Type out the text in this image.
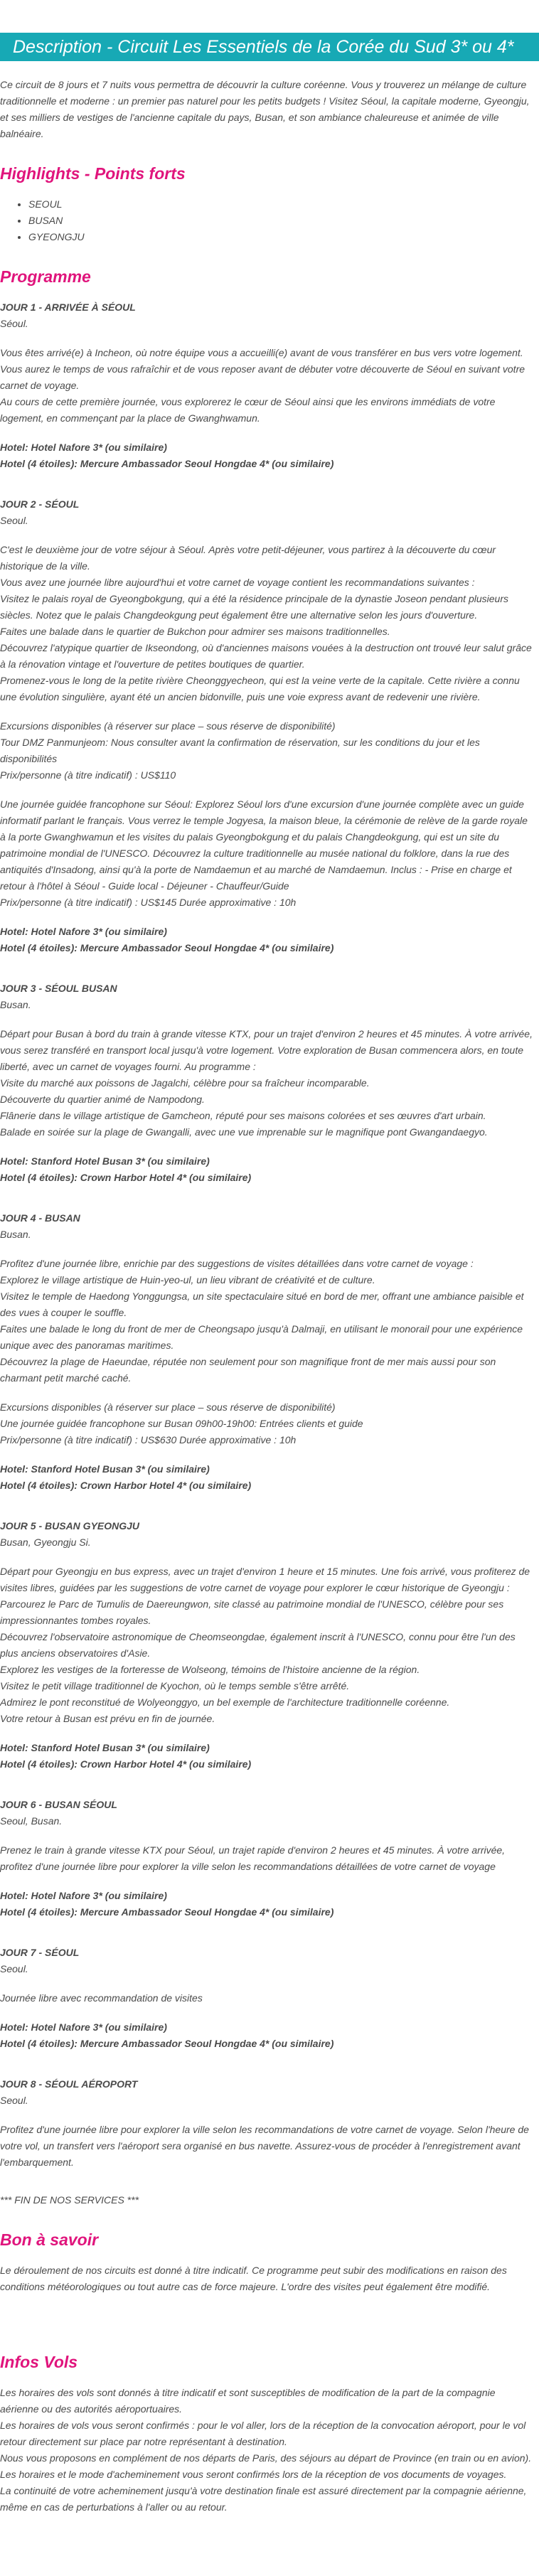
Description - Circuit Les Essentiels de la Corée du Sud 3* ou 4*

Ce circuit de 8 jours et 7 nuits vous permettra de découvrir la culture coréenne. Vous y trouverez un mélange de culture traditionnelle et moderne : un premier pas naturel pour les petits budgets ! Visitez Séoul, la capitale moderne, Gyeongju, et ses milliers de vestiges de l'ancienne capitale du pays, Busan, et son ambiance chaleureuse et animée de ville balnéaire.

Highlights - Points forts
• SEOUL
• BUSAN
• GYEONGJU
Programme
JOUR 1 - ARRIVÉE À SÉOUL
Séoul.
Vous êtes arrivé(e) à Incheon, où notre équipe vous a accueilli(e) avant de vous transférer en bus vers votre logement. Vous aurez le temps de vous rafraîchir et de vous reposer avant de débuter votre découverte de Séoul en suivant votre carnet de voyage.
Au cours de cette première journée, vous explorerez le cœur de Séoul ainsi que les environs immédiats de votre logement, en commençant par la place de Gwanghwamun.
Hotel: Hotel Nafore 3* (ou similaire)
Hotel (4 étoiles): Mercure Ambassador Seoul Hongdae 4* (ou similaire)
JOUR 2 - SÉOUL
Seoul.
C'est le deuxième jour de votre séjour à Séoul. Après votre petit-déjeuner, vous partirez à la découverte du cœur historique de la ville.
Vous avez une journée libre aujourd'hui et votre carnet de voyage contient les recommandations suivantes :
Visitez le palais royal de Gyeongbokgung, qui a été la résidence principale de la dynastie Joseon pendant plusieurs siècles. Notez que le palais Changdeokgung peut également être une alternative selon les jours d'ouverture.
Faites une balade dans le quartier de Bukchon pour admirer ses maisons traditionnelles.
Découvrez l'atypique quartier de Ikseondong, où d'anciennes maisons vouées à la destruction ont trouvé leur salut grâce à la rénovation vintage et l'ouverture de petites boutiques de quartier.
Promenez-vous le long de la petite rivière Cheonggyecheon, qui est la veine verte de la capitale. Cette rivière a connu une évolution singulière, ayant été un ancien bidonville, puis une voie express avant de redevenir une rivière.
Excursions disponibles (à réserver sur place – sous réserve de disponibilité)
Tour DMZ Panmunjeom: Nous consulter avant la confirmation de réservation, sur les conditions du jour et les disponibilités
Prix/personne (à titre indicatif) : US$110
Une journée guidée francophone sur Séoul: Explorez Séoul lors d'une excursion d'une journée complète avec un guide informatif parlant le français. Vous verrez le temple Jogyesa, la maison bleue, la cérémonie de relève de la garde royale à la porte Gwanghwamun et les visites du palais Gyeongbokgung et du palais Changdeokgung, qui est un site du patrimoine mondial de l'UNESCO. Découvrez la culture traditionnelle au musée national du folklore, dans la rue des antiquités d'Insadong, ainsi qu'à la porte de Namdaemun et au marché de Namdaemun. Inclus : - Prise en charge et retour à l'hôtel à Séoul - Guide local - Déjeuner - Chauffeur/Guide
Prix/personne (à titre indicatif) : US$145 Durée approximative : 10h
Hotel: Hotel Nafore 3* (ou similaire)
Hotel (4 étoiles): Mercure Ambassador Seoul Hongdae 4* (ou similaire)
JOUR 3 - SÉOUL BUSAN
Busan.
Départ pour Busan à bord du train à grande vitesse KTX, pour un trajet d'environ 2 heures et 45 minutes. À votre arrivée, vous serez transféré en transport local jusqu'à votre logement. Votre exploration de Busan commencera alors, en toute liberté, avec un carnet de voyages fourni. Au programme :
Visite du marché aux poissons de Jagalchi, célèbre pour sa fraîcheur incomparable.
Découverte du quartier animé de Nampodong.
Flânerie dans le village artistique de Gamcheon, réputé pour ses maisons colorées et ses œuvres d'art urbain.
Balade en soirée sur la plage de Gwangalli, avec une vue imprenable sur le magnifique pont Gwangandaegyo.
Hotel: Stanford Hotel Busan 3* (ou similaire)
Hotel (4 étoiles): Crown Harbor Hotel 4* (ou similaire)
JOUR 4 - BUSAN
Busan.
Profitez d'une journée libre, enrichie par des suggestions de visites détaillées dans votre carnet de voyage :
Explorez le village artistique de Huin-yeo-ul, un lieu vibrant de créativité et de culture.
Visitez le temple de Haedong Yonggungsa, un site spectaculaire situé en bord de mer, offrant une ambiance paisible et des vues à couper le souffle.
Faites une balade le long du front de mer de Cheongsapo jusqu'à Dalmaji, en utilisant le monorail pour une expérience unique avec des panoramas maritimes.
Découvrez la plage de Haeundae, réputée non seulement pour son magnifique front de mer mais aussi pour son charmant petit marché caché.
Excursions disponibles (à réserver sur place – sous réserve de disponibilité)
Une journée guidée francophone sur Busan 09h00-19h00: Entrées clients et guide
Prix/personne (à titre indicatif) : US$630 Durée approximative : 10h
Hotel: Stanford Hotel Busan 3* (ou similaire)
Hotel (4 étoiles): Crown Harbor Hotel 4* (ou similaire)
JOUR 5 - BUSAN GYEONGJU
Busan, Gyeongju Si.
Départ pour Gyeongju en bus express, avec un trajet d'environ 1 heure et 15 minutes. Une fois arrivé, vous profiterez de visites libres, guidées par les suggestions de votre carnet de voyage pour explorer le cœur historique de Gyeongju :
Parcourez le Parc de Tumulis de Daereungwon, site classé au patrimoine mondial de l'UNESCO, célèbre pour ses impressionnantes tombes royales.
Découvrez l'observatoire astronomique de Cheomseongdae, également inscrit à l'UNESCO, connu pour être l'un des plus anciens observatoires d'Asie.
Explorez les vestiges de la forteresse de Wolseong, témoins de l'histoire ancienne de la région.
Visitez le petit village traditionnel de Kyochon, où le temps semble s'être arrêté.
Admirez le pont reconstitué de Wolyeonggyo, un bel exemple de l'architecture traditionnelle coréenne.
Votre retour à Busan est prévu en fin de journée.
Hotel: Stanford Hotel Busan 3* (ou similaire)
Hotel (4 étoiles): Crown Harbor Hotel 4* (ou similaire)
JOUR 6 - BUSAN SÉOUL
Seoul, Busan.
Prenez le train à grande vitesse KTX pour Séoul, un trajet rapide d'environ 2 heures et 45 minutes. À votre arrivée, profitez d'une journée libre pour explorer la ville selon les recommandations détaillées de votre carnet de voyage
Hotel: Hotel Nafore 3* (ou similaire)
Hotel (4 étoiles): Mercure Ambassador Seoul Hongdae 4* (ou similaire)
JOUR 7 - SÉOUL
Seoul.
Journée libre avec recommandation de visites
Hotel: Hotel Nafore 3* (ou similaire)
Hotel (4 étoiles): Mercure Ambassador Seoul Hongdae 4* (ou similaire)
JOUR 8 - SÉOUL AÉROPORT
Seoul.
Profitez d'une journée libre pour explorer la ville selon les recommandations de votre carnet de voyage. Selon l'heure de votre vol, un transfert vers l'aéroport sera organisé en bus navette. Assurez-vous de procéder à l'enregistrement avant l'embarquement.
*** FIN DE NOS SERVICES ***
Bon à savoir
Le déroulement de nos circuits est donné à titre indicatif. Ce programme peut subir des modifications en raison des conditions météorologiques ou tout autre cas de force majeure. L'ordre des visites peut également être modifié.
Infos Vols
Les horaires des vols sont donnés à titre indicatif et sont susceptibles de modification de la part de la compagnie aérienne ou des autorités aéroportuaires.
Les horaires de vols vous seront confirmés : pour le vol aller, lors de la réception de la convocation aéroport, pour le vol retour directement sur place par notre représentant à destination.
Nous vous proposons en complément de nos départs de Paris, des séjours au départ de Province (en train ou en avion).
Les horaires et le mode d'acheminement vous seront confirmés lors de la réception de vos documents de voyages.
La continuité de votre acheminement jusqu'à votre destination finale est assuré directement par la compagnie aérienne, même en cas de perturbations à l'aller ou au retour.
